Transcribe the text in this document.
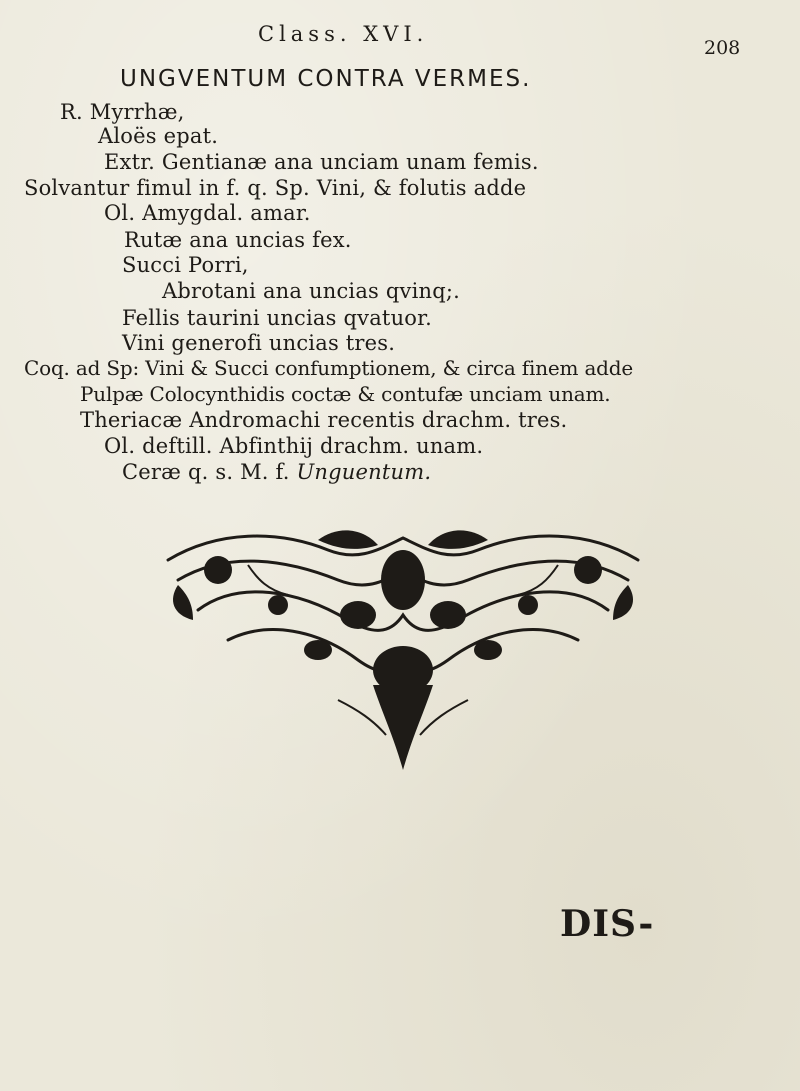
Class. XVI.
208
UNGVENTUM CONTRA VERMES.
R. Myrrhæ,
Aloës epat.
Extr. Gentianæ ana unciam unam femis.
Solvantur fimul in f. q. Sp. Vini, & folutis adde
Ol. Amygdal. amar.
Rutæ ana uncias fex.
Succi Porri,
Abrotani ana uncias qvinq;.
Fellis taurini uncias qvatuor.
Vini generofi uncias tres.
Coq. ad Sp: Vini & Succi confumptionem, & circa finem adde
Pulpæ Colocynthidis coctæ & contufæ unciam unam.
Theriacæ Andromachi recentis drachm. tres.
Ol. deftill. Abfinthij drachm. unam.
Ceræ q. s. M. f. Unguentum.
DIS-
